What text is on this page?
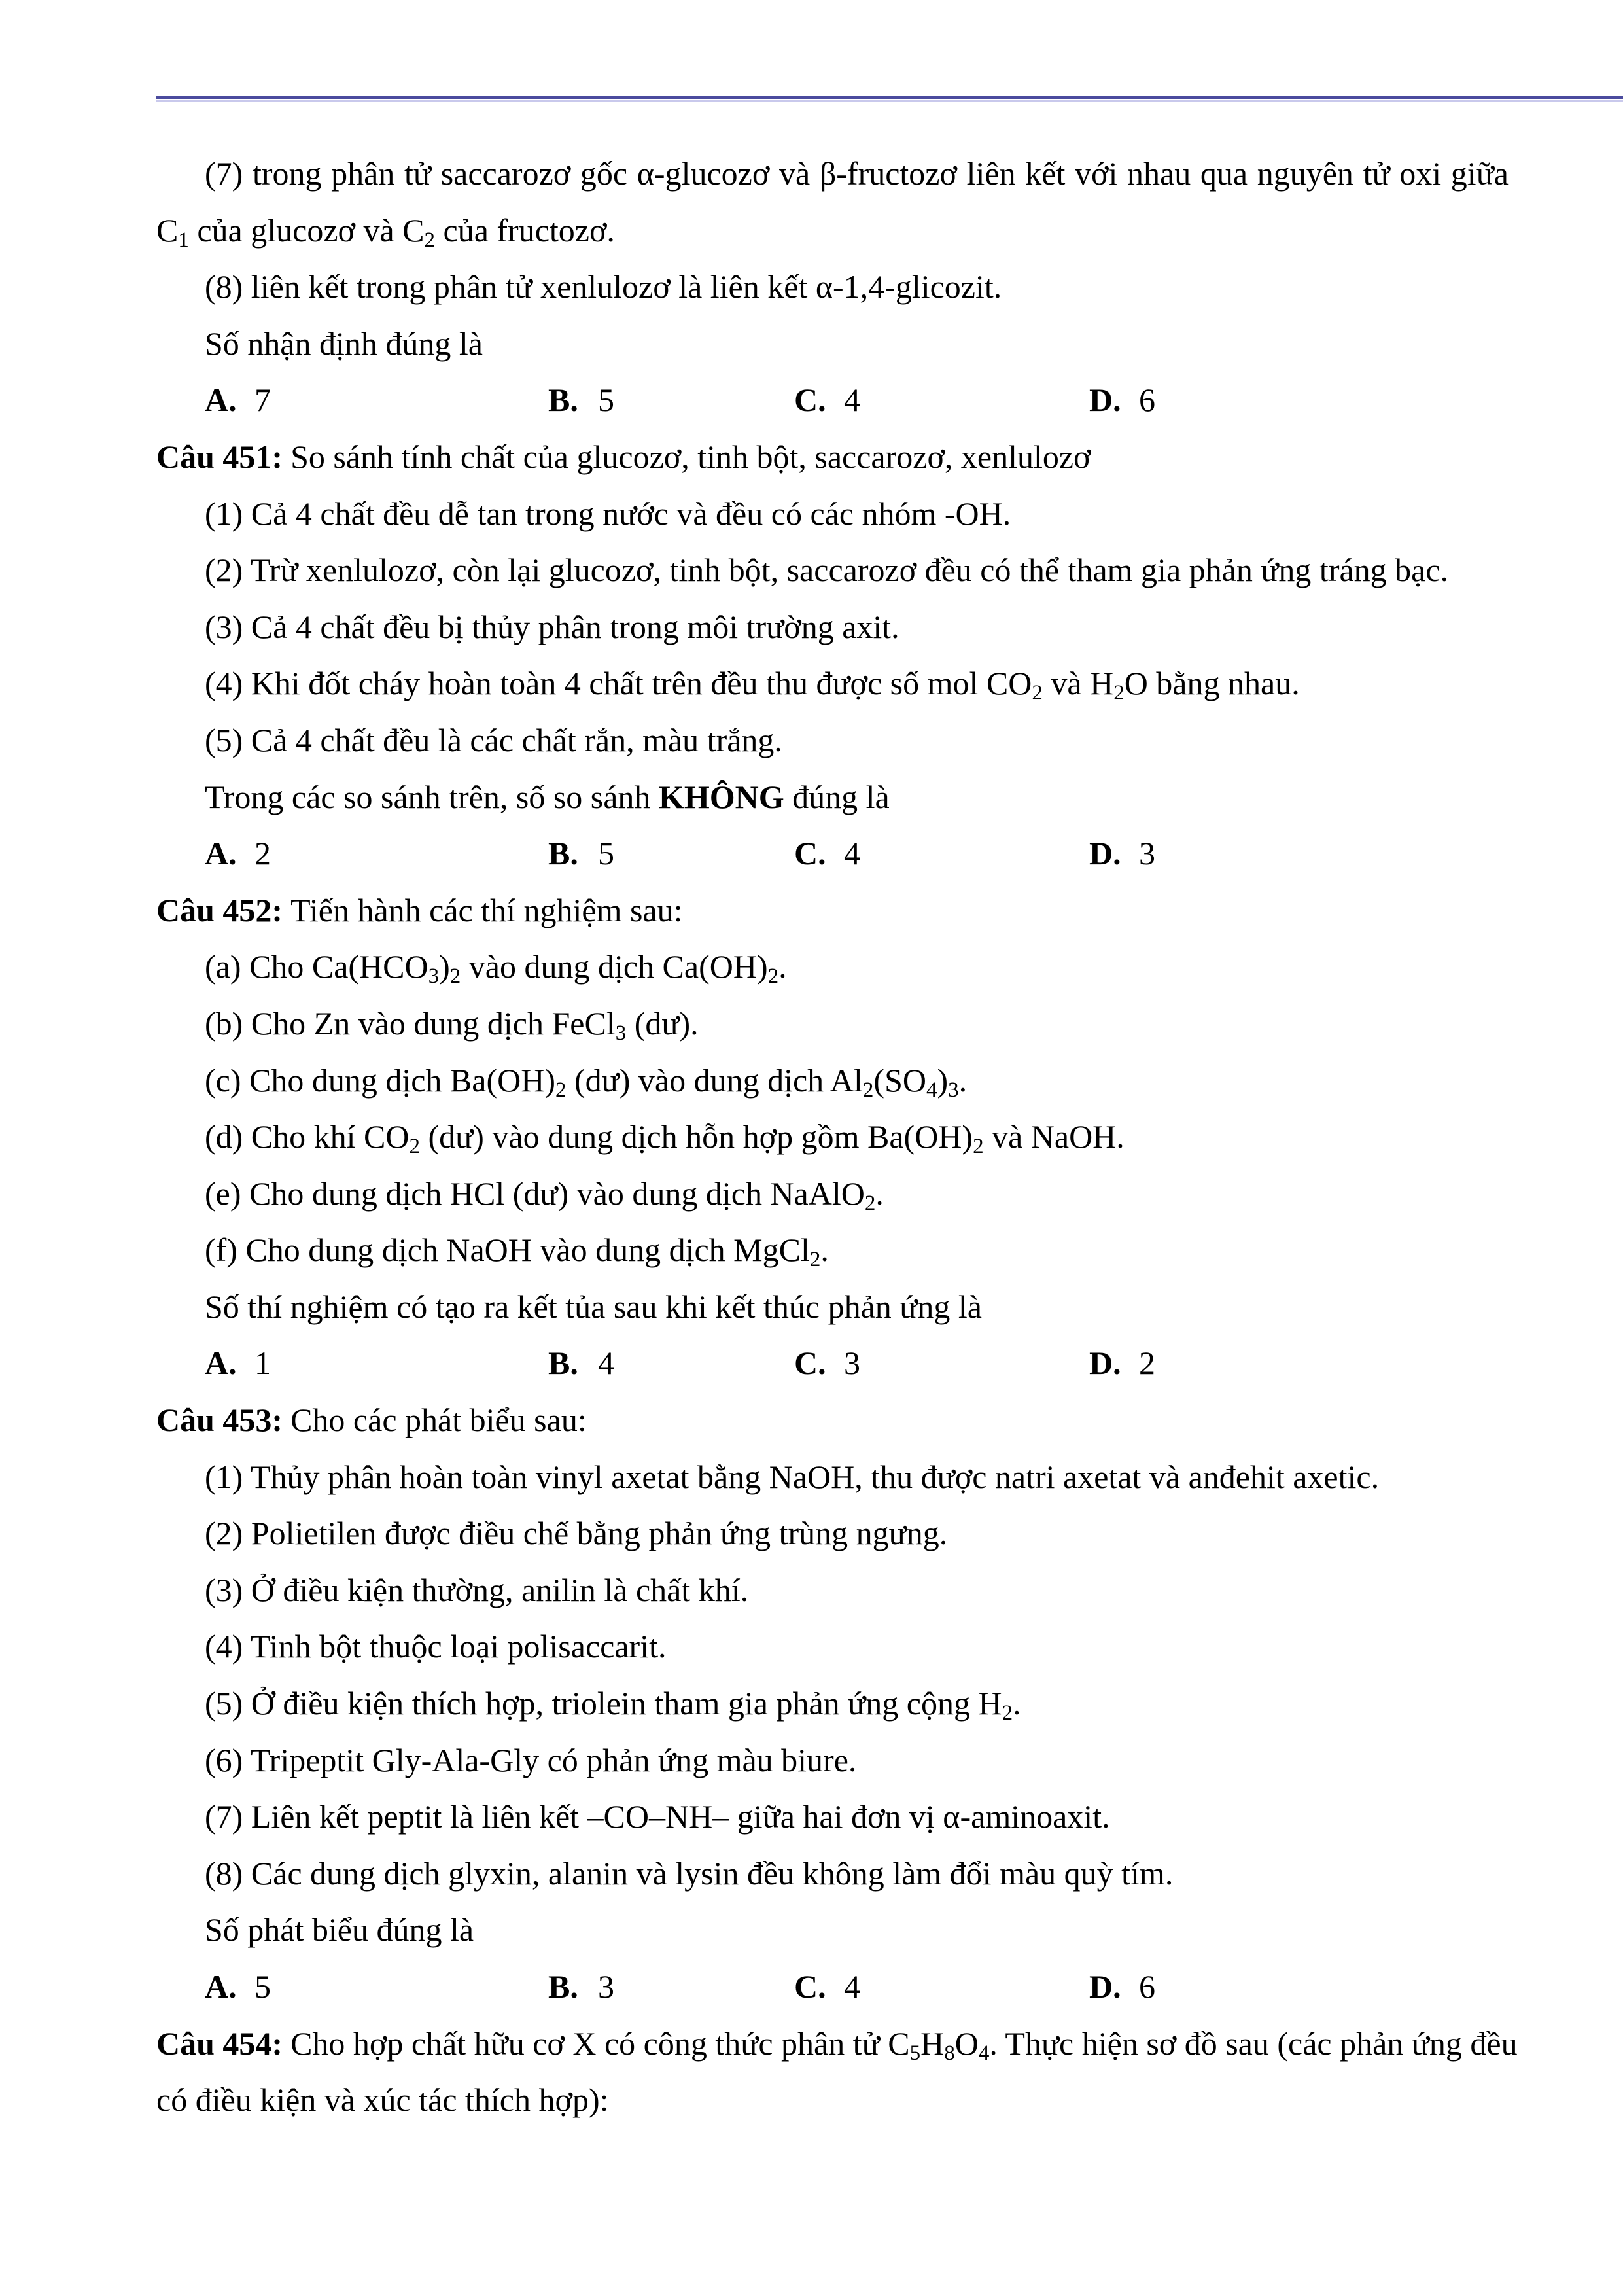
(7) trong phân tử saccarozơ gốc α-glucozơ và β-fructozơ liên kết với nhau qua nguyên tử oxi giữa
$C_1$ của glucozơ và $C_2$ của fructozơ.
(8) liên kết trong phân tử xenlulozơ là liên kết α-1,4-glicozit.
Số nhận định đúng là
A. 7	B. 5	C. 4	D. 6
Câu 451: So sánh tính chất của glucozơ, tinh bột, saccarozơ, xenlulozơ
(1) Cả 4 chất đều dễ tan trong nước và đều có các nhóm -OH.
(2) Trừ xenlulozơ, còn lại glucozơ, tinh bột, saccarozơ đều có thể tham gia phản ứng tráng bạc.
(3) Cả 4 chất đều bị thủy phân trong môi trường axit.
(4) Khi đốt cháy hoàn toàn 4 chất trên đều thu được số mol $CO_2$ và $H_2O$ bằng nhau.
(5) Cả 4 chất đều là các chất rắn, màu trắng.
Trong các so sánh trên, số so sánh KHÔNG đúng là
A. 2	B. 5	C. 4	D. 3
Câu 452: Tiến hành các thí nghiệm sau:
(a) Cho $Ca(HCO_3)_2$ vào dung dịch $Ca(OH)_2$.
(b) Cho Zn vào dung dịch FeCl$_3$ (dư).
(c) Cho dung dịch $Ba(OH)_2$ (dư) vào dung dịch $Al_2(SO_4)_3$.
(d) Cho khí $CO_2$ (dư) vào dung dịch hỗn hợp gồm $Ba(OH)_2$ và NaOH.
(e) Cho dung dịch HCl (dư) vào dung dịch NaAlO$_2$.
(f) Cho dung dịch NaOH vào dung dịch MgCl$_2$.
Số thí nghiệm có tạo ra kết tủa sau khi kết thúc phản ứng là
A. 1	B. 4	C. 3	D. 2
Câu 453: Cho các phát biểu sau:
(1) Thủy phân hoàn toàn vinyl axetat bằng NaOH, thu được natri axetat và anđehit axetic.
(2) Polietilen được điều chế bằng phản ứng trùng ngưng.
(3) Ở điều kiện thường, anilin là chất khí.
(4) Tinh bột thuộc loại polisaccarit.
(5) Ở điều kiện thích hợp, triolein tham gia phản ứng cộng $H_2$.
(6) Tripeptit Gly-Ala-Gly có phản ứng màu biure.
(7) Liên kết peptit là liên kết –CO–NH– giữa hai đơn vị α-aminoaxit.
(8) Các dung dịch glyxin, alanin và lysin đều không làm đổi màu quỳ tím.
Số phát biểu đúng là
A. 5	B. 3	C. 4	D. 6
Câu 454: Cho hợp chất hữu cơ X có công thức phân tử $C_5H_8O_4$. Thực hiện sơ đồ sau (các phản ứng đều
có điều kiện và xúc tác thích hợp):
